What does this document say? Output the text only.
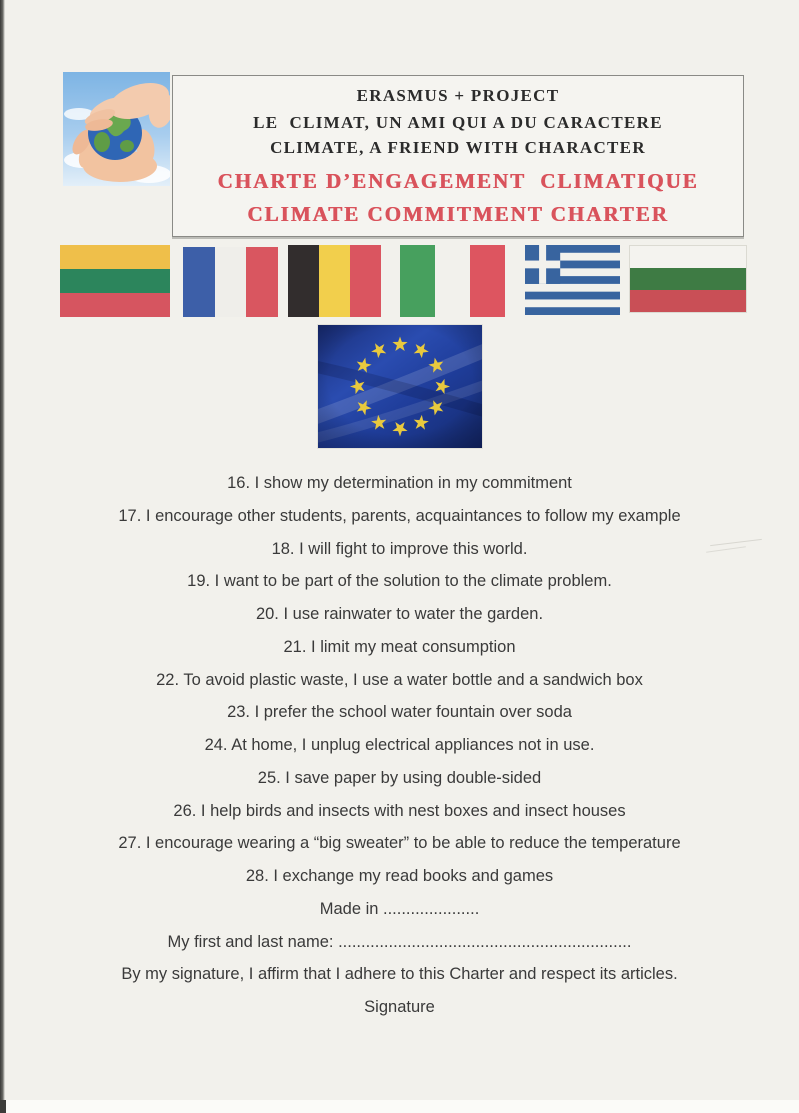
ERASMUS + PROJECT
LE  CLIMAT, UN AMI QUI A DU CARACTERE
CLIMATE, A FRIEND WITH CHARACTER
CHARTE D’ENGAGEMENT  CLIMATIQUE
CLIMATE COMMITMENT CHARTER
16. I show my determination in my commitment
17. I encourage other students, parents, acquaintances to follow my example
18. I will fight to improve this world.
19. I want to be part of the solution to the climate problem.
20. I use rainwater to water the garden.
21. I limit my meat consumption
22. To avoid plastic waste, I use a water bottle and a sandwich box
23. I prefer the school water fountain over soda
24. At home, I unplug electrical appliances not in use.
25. I save paper by using double-sided
26. I help birds and insects with nest boxes and insect houses
27. I encourage wearing a “big sweater” to be able to reduce the temperature
28. I exchange my read books and games
Made in .....................
My first and last name: ................................................................
By my signature, I affirm that I adhere to this Charter and respect its articles.
Signature
